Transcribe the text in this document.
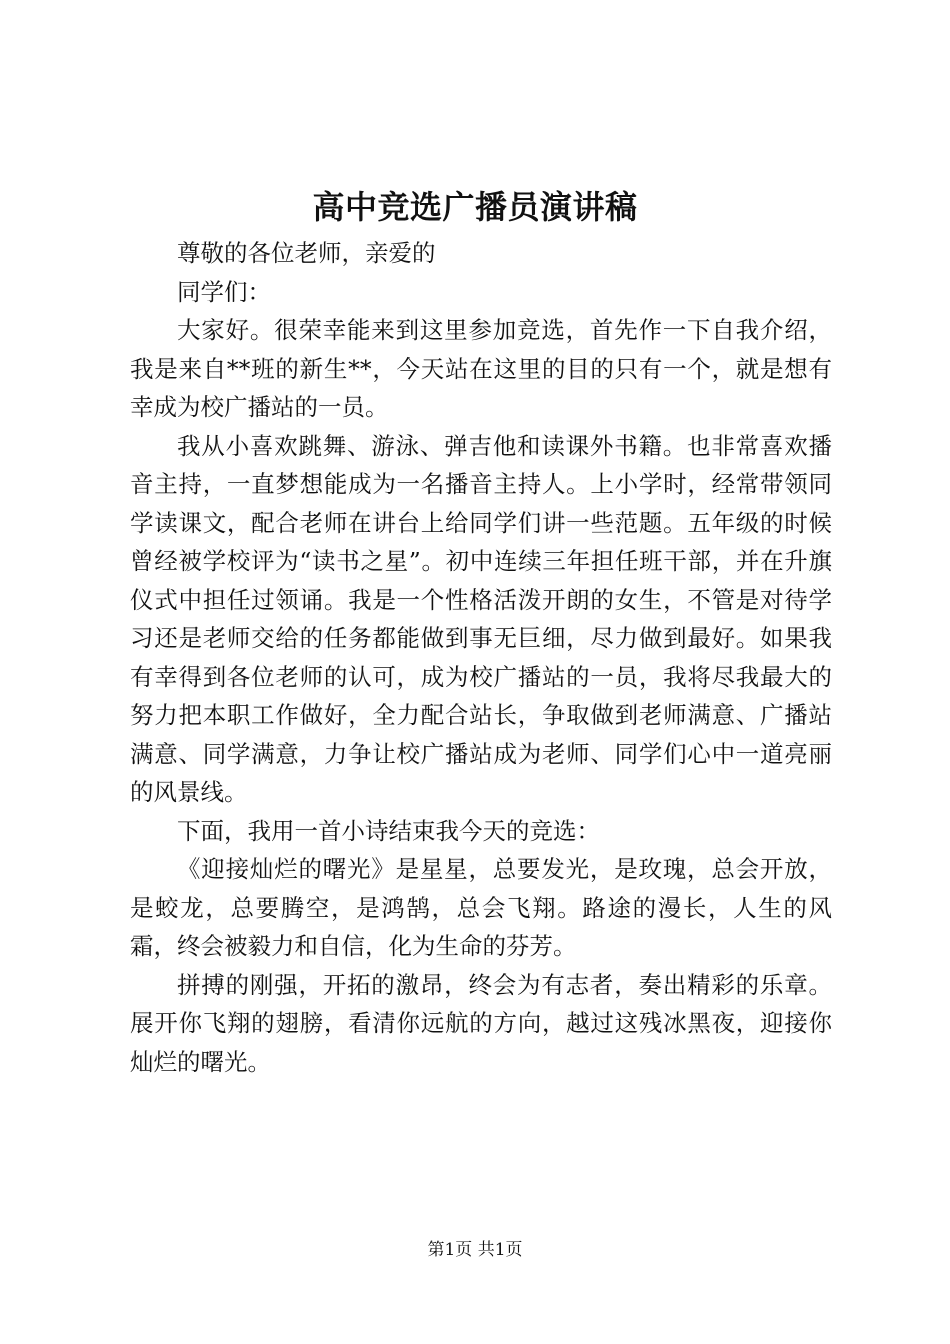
高中竞选广播员演讲稿

尊敬的各位老师，亲爱的

同学们：

大家好。很荣幸能来到这里参加竞选，首先作一下自我介绍，我是来自**班的新生**，今天站在这里的目的只有一个，就是想有幸成为校广播站的一员。

我从小喜欢跳舞、游泳、弹吉他和读课外书籍。也非常喜欢播音主持，一直梦想能成为一名播音主持人。上小学时，经常带领同学读课文，配合老师在讲台上给同学们讲一些范题。五年级的时候曾经被学校评为“读书之星”。初中连续三年担任班干部，并在升旗仪式中担任过领诵。我是一个性格活泼开朗的女生，不管是对待学习还是老师交给的任务都能做到事无巨细，尽力做到最好。如果我有幸得到各位老师的认可，成为校广播站的一员，我将尽我最大的努力把本职工作做好，全力配合站长，争取做到老师满意、广播站满意、同学满意，力争让校广播站成为老师、同学们心中一道亮丽的风景线。

下面，我用一首小诗结束我今天的竞选：

《迎接灿烂的曙光》是星星，总要发光，是玫瑰，总会开放，是蛟龙，总要腾空，是鸿鹄，总会飞翔。路途的漫长，人生的风霜，终会被毅力和自信，化为生命的芬芳。

拼搏的刚强，开拓的激昂，终会为有志者，奏出精彩的乐章。展开你飞翔的翅膀，看清你远航的方向，越过这残冰黑夜，迎接你灿烂的曙光。

第1页 共1页
